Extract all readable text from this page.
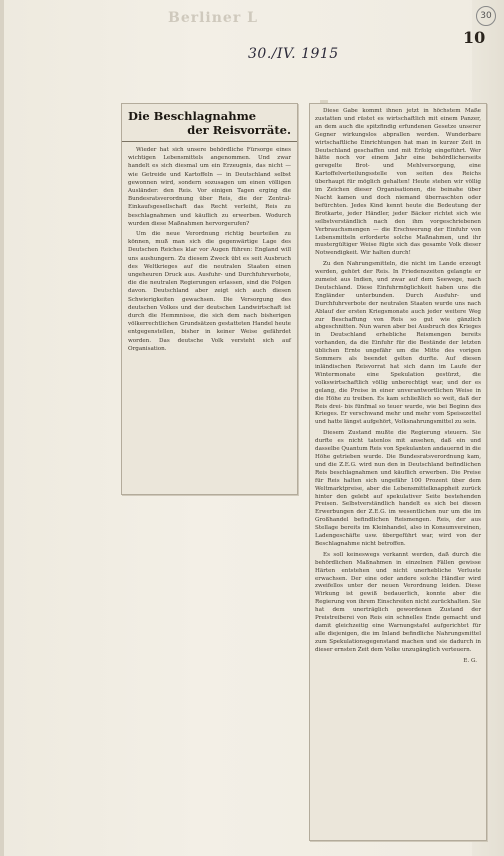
Berliner L	30
10
30./IV. 1915
Die Beschlagnahme
der Reisvorräte.

Wieder hat sich unsere behördliche Fürsorge eines wichtigen Lebensmittels angenommen. Und zwar handelt es sich diesmal um ein Erzeugnis, das nicht — wie Getreide und Kartoffeln — in Deutschland selbst gewonnen wird, sondern sozusagen um einen völligen Ausländer: den Reis. Vor einigen Tagen erging die Bundesratsverordnung über Reis, die der Zentral-Einkaufsgesellschaft das Recht verleiht, Reis zu beschlagnahmen und käuflich zu erwerben. Wodurch wurden diese Maßnahmen hervorgerufen?

Um die neue Verordnung richtig beurteilen zu können, muß man sich die gegenwärtige Lage des Deutschen Reiches klar vor Augen führen: England will uns aushungern. Zu diesem Zweck übt es seit Ausbruch des Weltkrieges auf die neutralen Staaten einen ungeheuren Druck aus. Ausfuhr- und Durchfuhrverbote, die die neutralen Regierungen erlassen, sind die Folgen davon. Deutschland aber zeigt sich auch diesen Schwierigkeiten gewachsen. Die Versorgung des deutschen Volkes und der deutschen Landwirtschaft ist durch die Hemmnisse, die sich dem nach bisherigen völkerrechtlichen Grundsätzen gestatteten Handel heute entgegenstellen, bisher in keiner Weise gefährdet worden. Das deutsche Volk versteht sich auf Organisation.

Diese Gabe kommt ihnen jetzt in höchstem Maße zustatten und rüstet es wirtschaftlich mit einem Panzer, an dem auch die spitzfindig erfundenen Gesetze unserer Gegner wirkungslos abprallen werden. Wunderbare wirtschaftliche Einrichtungen hat man in kurzer Zeit in Deutschland geschaffen und mit Erfolg eingeführt. Wer hätte noch vor einem Jahr eine behördlicherseits geregelte Brot- und Mehlversorgung, eine Kartoffelverteilungsstelle von seiten des Reichs überhaupt für möglich gehalten! Heute stehen wir völlig im Zeichen dieser Organisationen, die beinahe über Nacht kamen und doch niemand überraschten oder befürchten. Jedes Kind kennt heute die Bedeutung der Brotkarte, jeder Händler, jeder Bäcker richtet sich wie selbstverständlich nach den ihm vorgeschriebenen Verbrauchsmengen — die Erschwerung der Einfuhr von Lebensmitteln erforderte solche Maßnahmen, und ihr mustergültiger Weise fügte sich das gesamte Volk dieser Notwendigkeit. Wir halten durch!

Zu den Nahrungsmitteln, die nicht im Lande erzeugt werden, gehört der Reis. In Friedenszeiten gelangte er zumeist aus Indien, und zwar auf dem Seewege, nach Deutschland. Diese Einfuhrmöglichkeit haben uns die Engländer unterbunden. Durch Ausfuhr- und Durchfuhrverbote der neutralen Staaten wurde uns nach Ablauf der ersten Kriegsmonate auch jeder weitere Weg zur Beschaffung von Reis so gut wie gänzlich abgeschnitten. Nun waren aber bei Ausbruch des Krieges in Deutschland erhebliche Reismengen bereits vorhanden, da die Einfuhr für die Bestände der letzten üblichen Ernte ungefähr um die Mitte des vorigen Sommers als beendet gelten durfte. Auf diesen inländischen Reisvorrat hat sich dann im Laufe der Wintermonate eine Spekulation gestürzt, die volkswirtschaftlich völlig unberechtigt war, und der es gelang, die Preise in einer unverantwortlichen Weise in die Höhe zu treiben. Es kam schließlich so weit, daß der Reis drei- bis fünfmal so teuer wurde, wie bei Beginn des Krieges. Er verschwand mehr und mehr vom Speisezettel und hatte längst aufgehört, Volksnahrungsmittel zu sein.

Diesem Zustand mußte die Regierung steuern. Sie durfte es nicht tatenlos mit ansehen, daß ein und dasselbe Quantum Reis von Spekulanten andauernd in die Höhe getrieben wurde. Die Bundesratsverordnung kam, und die Z.E.G. wird nun den in Deutschland befindlichen Reis beschlagnahmen und käuflich erwerben. Die Preise für Reis halten sich ungefähr 100 Prozent über dem Weltmarktpreise, aber die Lebensmittelknappheit zurück hinter den gelebt auf spekulativer Seite bestehenden Preisen. Selbstverständlich handelt es sich bei diesen Erwerbungen der Z.E.G. im wesentlichen nur um die im Großhandel befindlichen Reismengen. Reis, der aus Stellage bereits im Kleinhandel, also in Konsumvereinen, Ladengeschäfte usw. übergeführt war, wird von der Beschlagnahme nicht betroffen.

Es soll keineswegs verkannt werden, daß durch die behördlichen Maßnahmen in einzelnen Fällen gewisse Härten entstehen und nicht unerhebliche Verluste erwachsen. Der eine oder andere solche Händler wird zweifellos unter der neuen Verordnung leiden. Diese Wirkung ist gewiß bedauerlich, konnte aber die Regierung von ihrem Einschreiten nicht zurückhalten. Sie hat dem unerträglich gewordenen Zustand der Preistreiberei von Reis ein schnelles Ende gemacht und damit gleichzeitig eine Warnungstafel aufgerichtet für alle diejenigen, die im Inland befindliche Nahrungsmittel zum Spekulationsgegenstand machen und sie dadurch in dieser ernsten Zeit dem Volke unzugänglich verteuern.

E. G.
